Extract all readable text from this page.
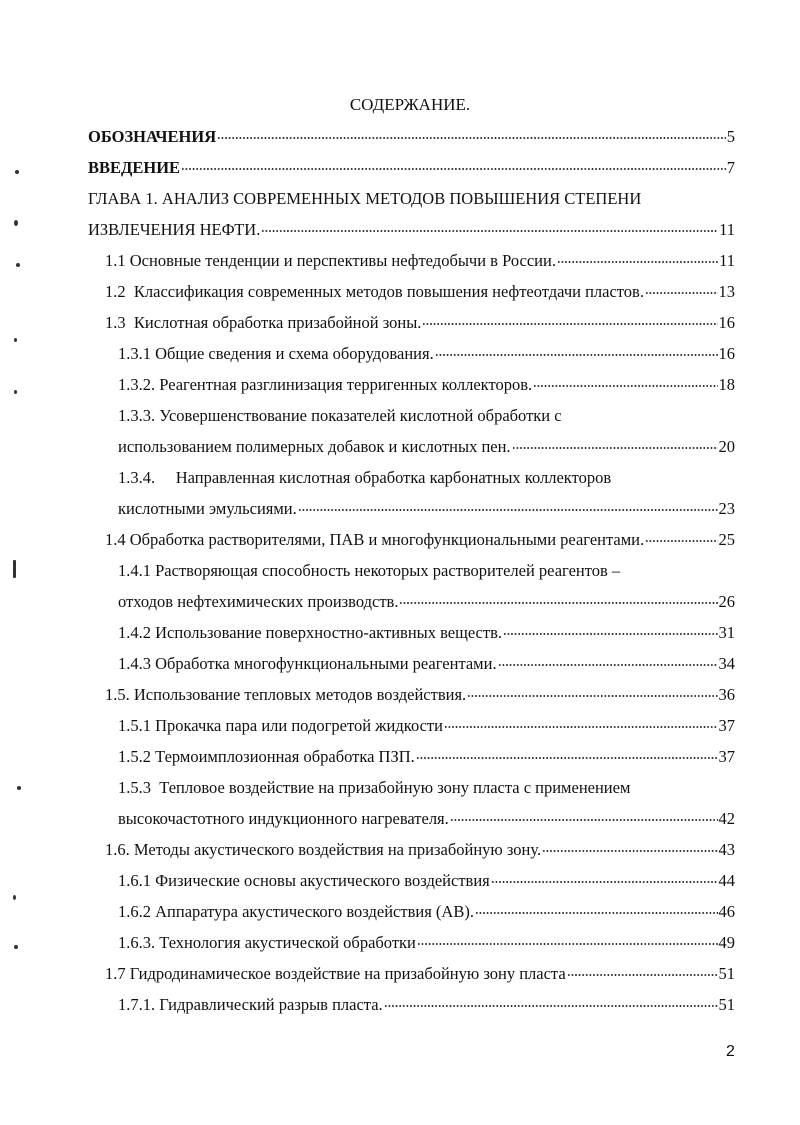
СОДЕРЖАНИЕ.
ОБОЗНАЧЕНИЯ	5
ВВЕДЕНИЕ	7
ГЛАВА 1. АНАЛИЗ СОВРЕМЕННЫХ МЕТОДОВ ПОВЫШЕНИЯ СТЕПЕНИ
ИЗВЛЕЧЕНИЯ НЕФТИ.	11
1.1 Основные тенденции и перспективы нефтедобычи в России.	11
1.2  Классификация современных методов повышения нефтеотдачи пластов.	13
1.3  Кислотная обработка призабойной зоны.	16
1.3.1 Общие сведения и схема оборудования.	16
1.3.2. Реагентная разглинизация терригенных коллекторов.	18
1.3.3. Усовершенствование показателей кислотной обработки с
использованием полимерных добавок и кислотных пен.	20
1.3.4.     Направленная кислотная обработка карбонатных коллекторов
кислотными эмульсиями.	23
1.4 Обработка растворителями, ПАВ и многофункциональными реагентами.	25
1.4.1 Растворяющая способность некоторых растворителей реагентов –
отходов нефтехимических производств.	26
1.4.2 Использование поверхностно-активных веществ.	31
1.4.3 Обработка многофункциональными реагентами.	34
1.5. Использование тепловых методов воздействия.	36
1.5.1 Прокачка пара или подогретой жидкости	37
1.5.2 Термоимплозионная обработка ПЗП.	37
1.5.3  Тепловое воздействие на призабойную зону пласта с применением
высокочастотного индукционного нагревателя.	42
1.6. Методы акустического воздействия на призабойную зону.	43
1.6.1 Физические основы акустического воздействия	44
1.6.2 Аппаратура акустического воздействия (АВ).	46
1.6.3. Технология акустической обработки	49
1.7 Гидродинамическое воздействие на призабойную зону пласта	51
1.7.1. Гидравлический разрыв пласта.	51
2
